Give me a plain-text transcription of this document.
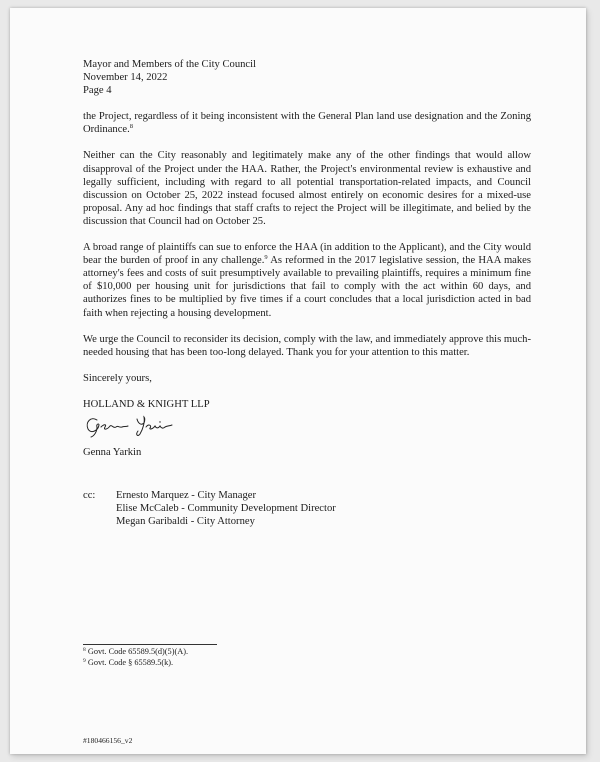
Mayor and Members of the City Council
November 14, 2022
Page 4

the Project, regardless of it being inconsistent with the General Plan land use designation and the Zoning Ordinance.$^8$

Neither can the City reasonably and legitimately make any of the other findings that would allow disapproval of the Project under the HAA. Rather, the Project's environmental review is exhaustive and legally sufficient, including with regard to all potential transportation-related impacts, and Council discussion on October 25, 2022 instead focused almost entirely on economic desires for a mixed-use proposal. Any ad hoc findings that staff crafts to reject the Project will be illegitimate, and belied by the discussion that Council had on October 25.

A broad range of plaintiffs can sue to enforce the HAA (in addition to the Applicant), and the City would bear the burden of proof in any challenge.$^9$ As reformed in the 2017 legislative session, the HAA makes attorney's fees and costs of suit presumptively available to prevailing plaintiffs, requires a minimum fine of $10,000 per housing unit for jurisdictions that fail to comply with the act within 60 days, and authorizes fines to be multiplied by five times if a court concludes that a local jurisdiction acted in bad faith when rejecting a housing development.

We urge the Council to reconsider its decision, comply with the law, and immediately approve this much-needed housing that has been too-long delayed. Thank you for your attention to this matter.

Sincerely yours,
HOLLAND & KNIGHT LLP
Genna Yarkin
cc: Ernesto Marquez - City Manager
Elise McCaleb - Community Development Director
Megan Garibaldi - City Attorney
$^8$ Govt. Code 65589.5(d)(5)(A).
$^9$ Govt. Code § 65589.5(k).
#180466156_v2
